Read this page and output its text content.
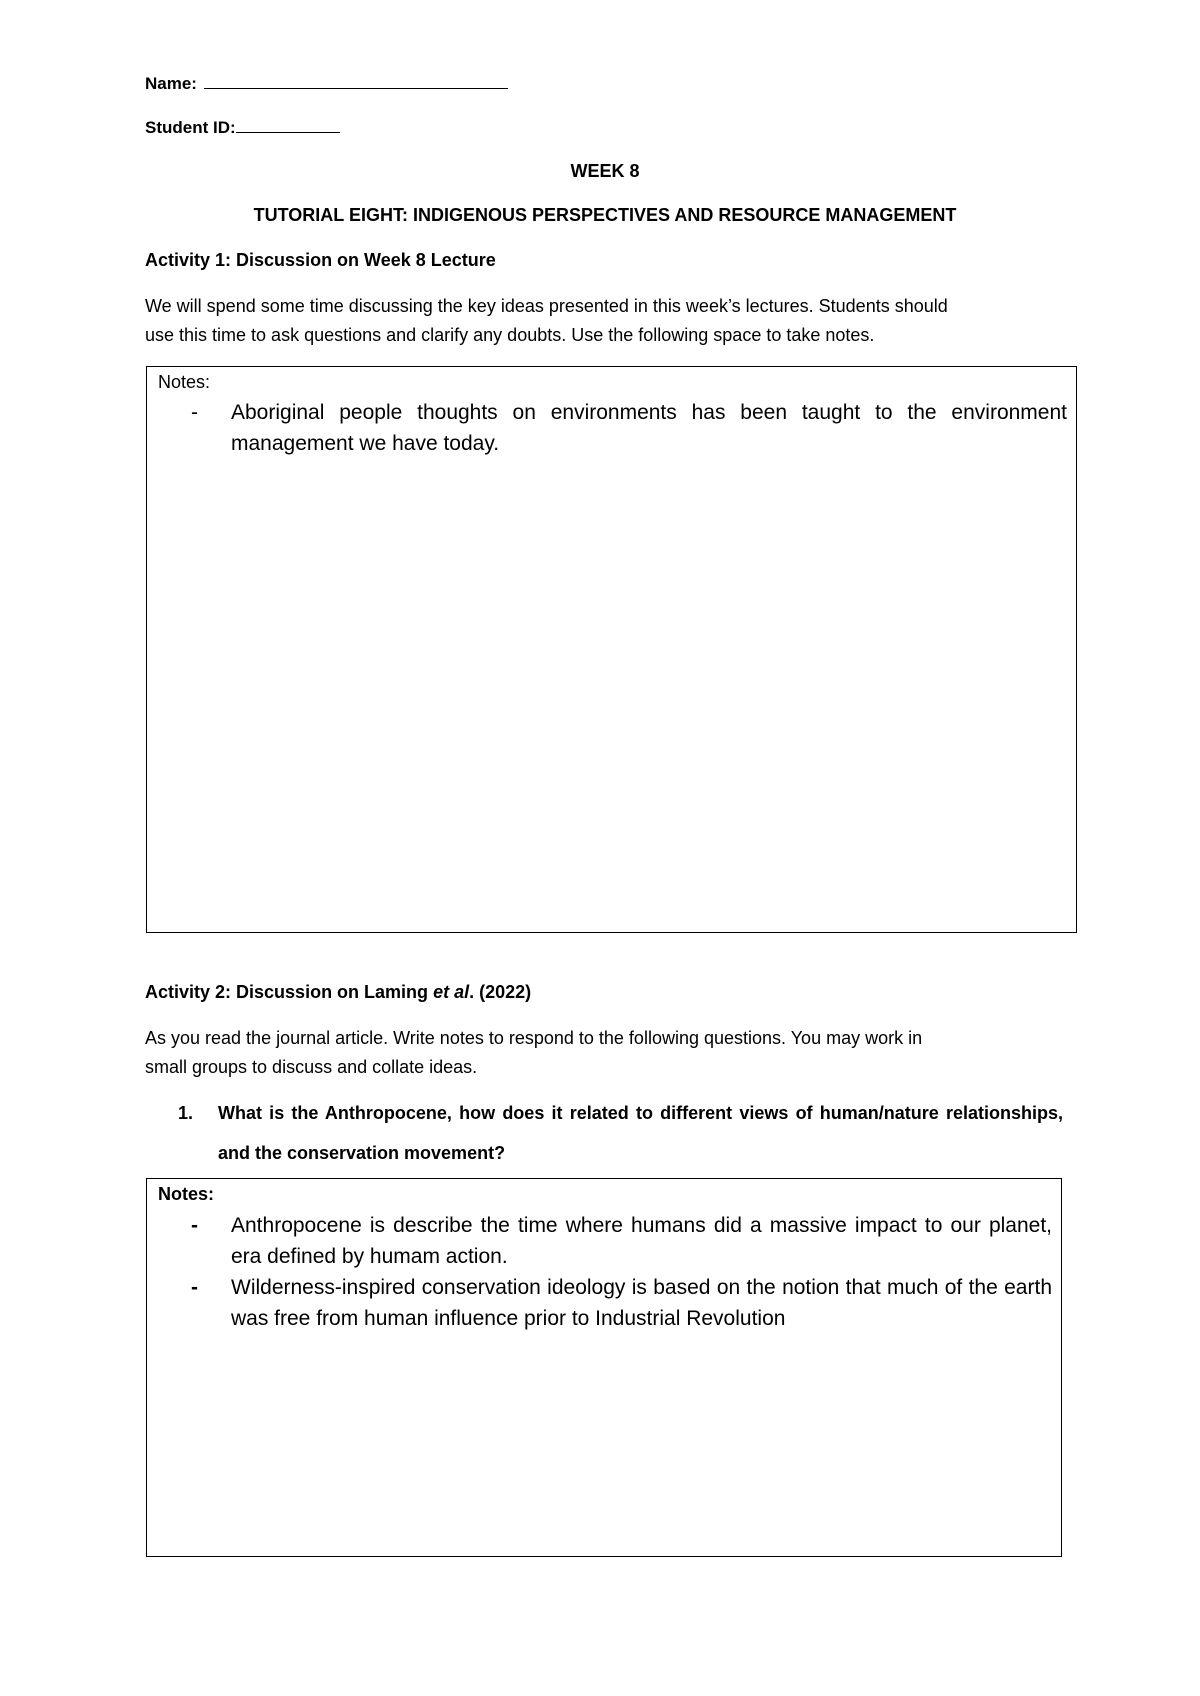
Name:
Student ID:
WEEK 8
TUTORIAL EIGHT: INDIGENOUS PERSPECTIVES AND RESOURCE MANAGEMENT
Activity 1: Discussion on Week 8 Lecture
We will spend some time discussing the key ideas presented in this week’s lectures. Students should
use this time to ask questions and clarify any doubts. Use the following space to take notes.
Notes:
- Aboriginal people thoughts on environments has been taught to the environment management we have today.
Activity 2: Discussion on Laming et al. (2022)
As you read the journal article. Write notes to respond to the following questions. You may work in
small groups to discuss and collate ideas.
1. What is the Anthropocene, how does it related to different views of human/nature relationships, and the conservation movement?
Notes:
- Anthropocene is describe the time where humans did a massive impact to our planet, era defined by humam action.
- Wilderness-inspired conservation ideology is based on the notion that much of the earth was free from human influence prior to Industrial Revolution
